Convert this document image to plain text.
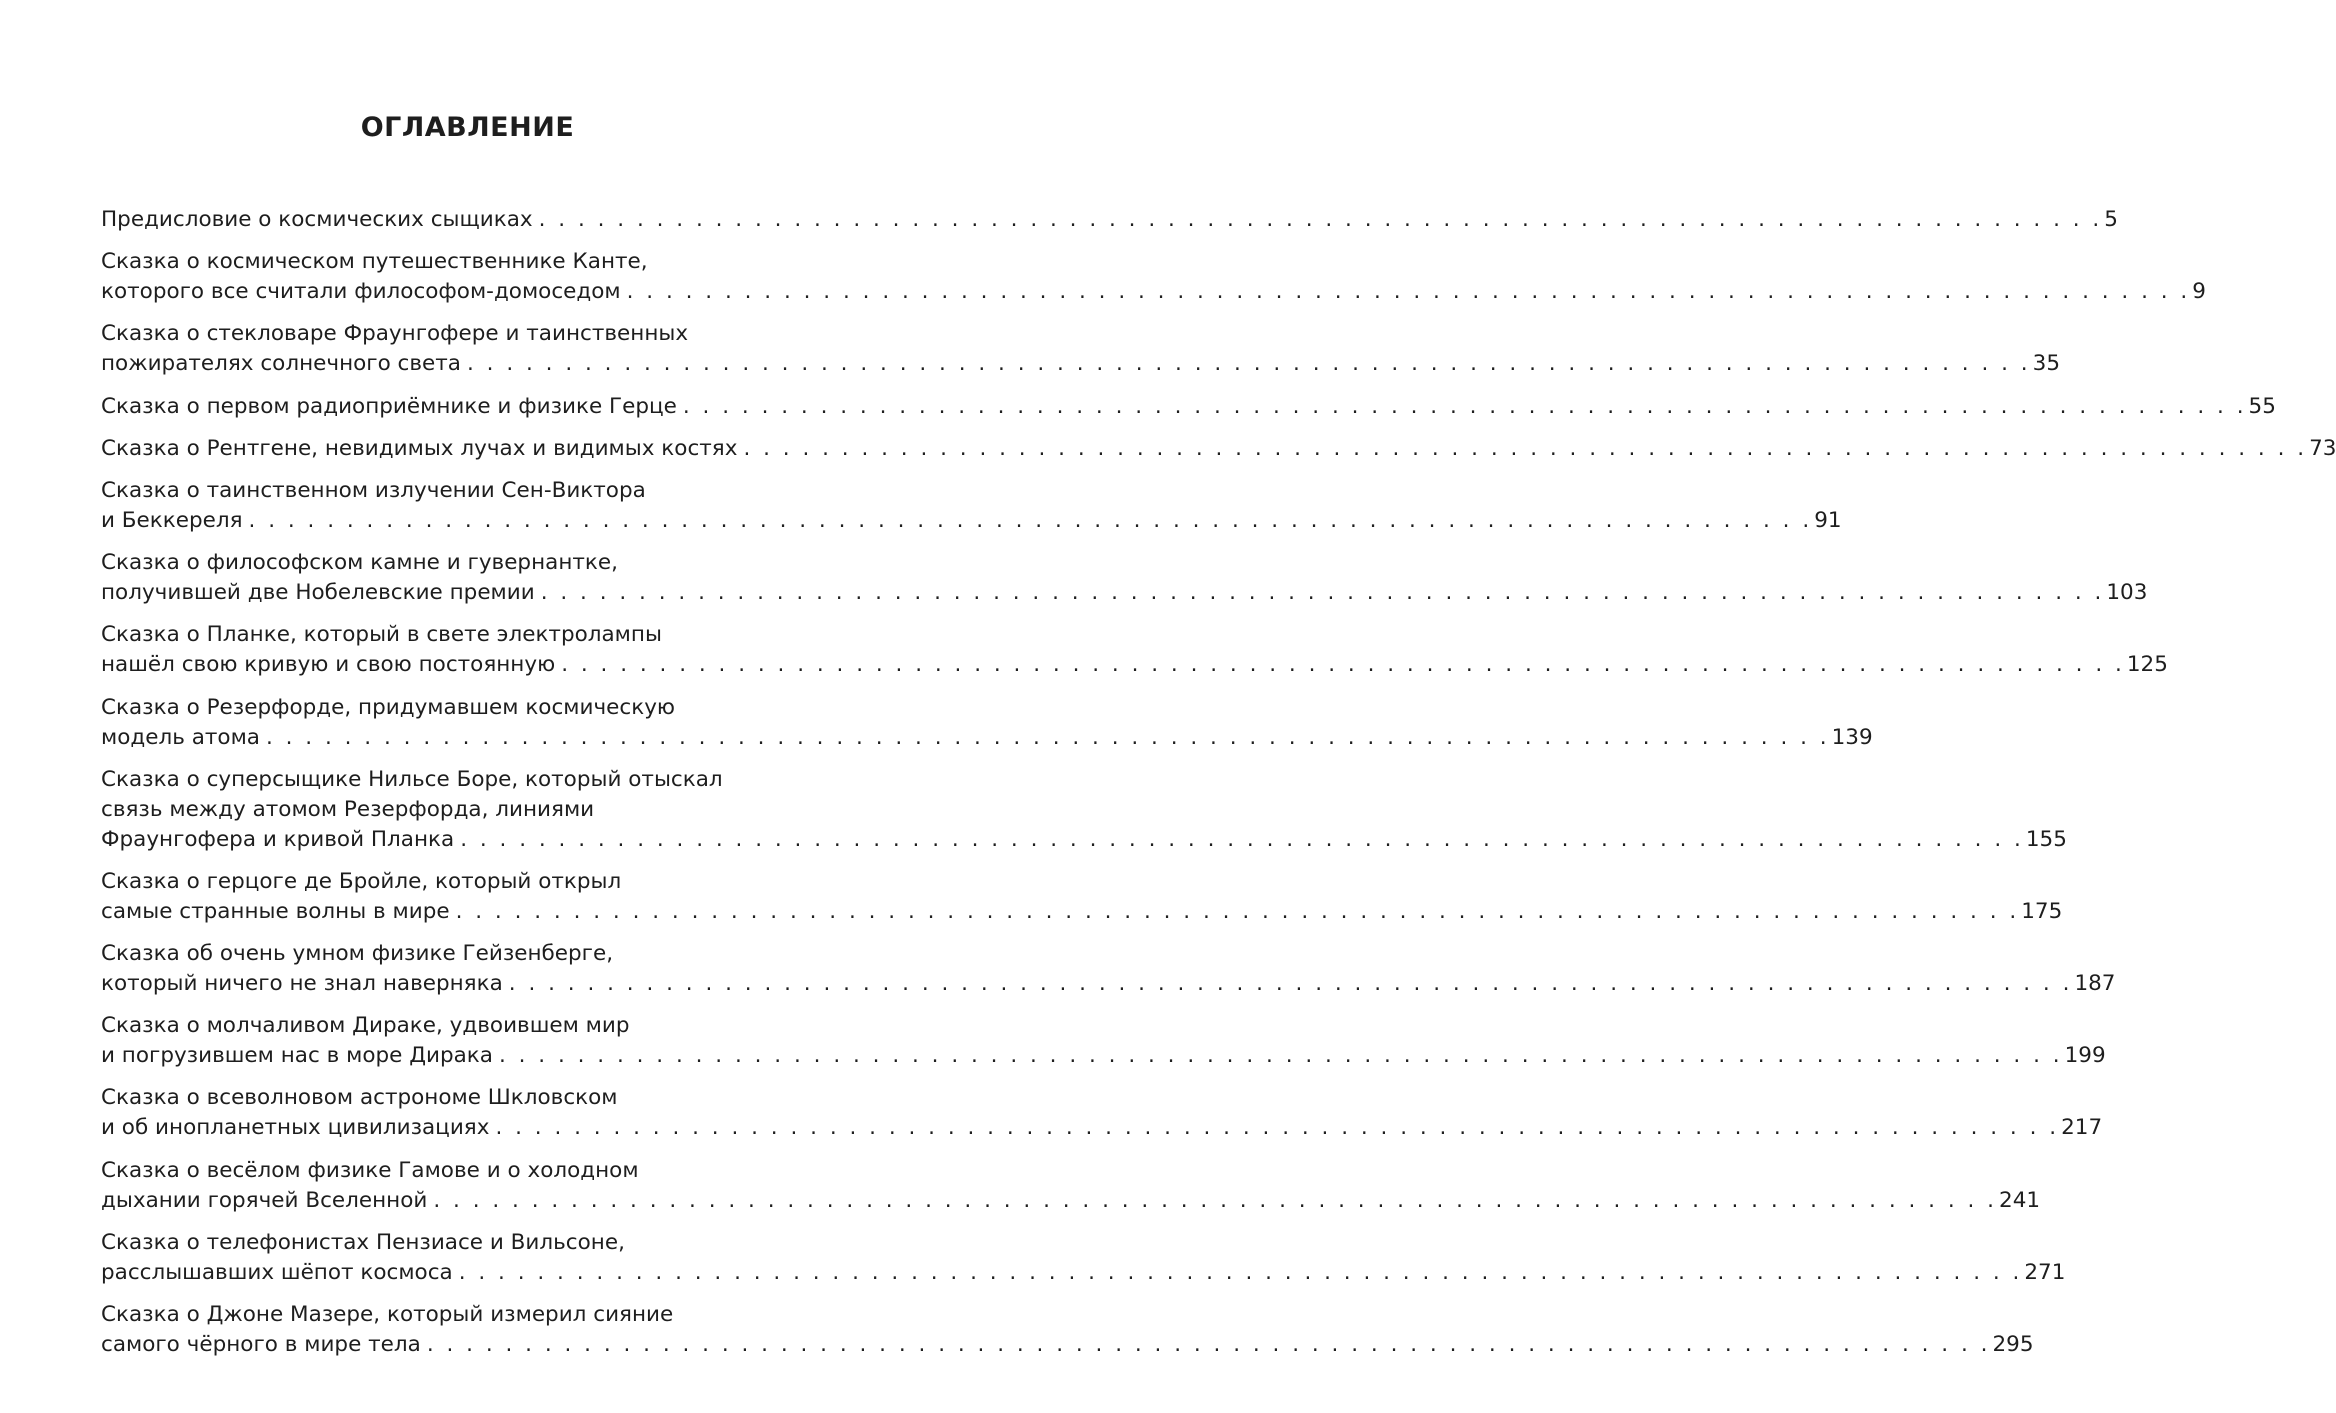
ОГЛАВЛЕНИЕ
Предисловие о космических сыщиках . . . . . . . . . . . . . . . . . . . . . . . . . . . . . . . . . . . . . . . . . . . . . . . . . . . . . . . . . . . . . . . . . . . . . . . . . . . . . . . . 5
Сказка о космическом путешественнике Канте,
которого все считали философом-домоседом . . . . . . . . . . . . . . . . . . . . . . . . . . . . . . . . . . . . . . . . . . . . . . . . . . . . . . . . . . . . . . . . . . . . . . . . . . . . . . . . 9
Сказка о стекловаре Фраунгофере и таинственных
пожирателях солнечного света . . . . . . . . . . . . . . . . . . . . . . . . . . . . . . . . . . . . . . . . . . . . . . . . . . . . . . . . . . . . . . . . . . . . . . . . . . . . . . . . 35
Сказка о первом радиоприёмнике и физике Герце . . . . . . . . . . . . . . . . . . . . . . . . . . . . . . . . . . . . . . . . . . . . . . . . . . . . . . . . . . . . . . . . . . . . . . . . . . . . . . . . 55
Сказка о Рентгене, невидимых лучах и видимых костях . . . . . . . . . . . . . . . . . . . . . . . . . . . . . . . . . . . . . . . . . . . . . . . . . . . . . . . . . . . . . . . . . . . . . . . . . . . . . . . . 73
Сказка о таинственном излучении Сен-Виктора
и Беккереля . . . . . . . . . . . . . . . . . . . . . . . . . . . . . . . . . . . . . . . . . . . . . . . . . . . . . . . . . . . . . . . . . . . . . . . . . . . . . . . . 91
Сказка о философском камне и гувернантке,
получившей две Нобелевские премии . . . . . . . . . . . . . . . . . . . . . . . . . . . . . . . . . . . . . . . . . . . . . . . . . . . . . . . . . . . . . . . . . . . . . . . . . . . . . . . . 103
Сказка о Планке, который в свете электролампы
нашёл свою кривую и свою постоянную . . . . . . . . . . . . . . . . . . . . . . . . . . . . . . . . . . . . . . . . . . . . . . . . . . . . . . . . . . . . . . . . . . . . . . . . . . . . . . . . 125
Сказка о Резерфорде, придумавшем космическую
модель атома . . . . . . . . . . . . . . . . . . . . . . . . . . . . . . . . . . . . . . . . . . . . . . . . . . . . . . . . . . . . . . . . . . . . . . . . . . . . . . . . 139
Сказка о суперсыщике Нильсе Боре, который отыскал
связь между атомом Резерфорда, линиями
Фраунгофера и кривой Планка . . . . . . . . . . . . . . . . . . . . . . . . . . . . . . . . . . . . . . . . . . . . . . . . . . . . . . . . . . . . . . . . . . . . . . . . . . . . . . . . 155
Сказка о герцоге де Бройле, который открыл
самые странные волны в мире . . . . . . . . . . . . . . . . . . . . . . . . . . . . . . . . . . . . . . . . . . . . . . . . . . . . . . . . . . . . . . . . . . . . . . . . . . . . . . . . 175
Сказка об очень умном физике Гейзенберге,
который ничего не знал наверняка . . . . . . . . . . . . . . . . . . . . . . . . . . . . . . . . . . . . . . . . . . . . . . . . . . . . . . . . . . . . . . . . . . . . . . . . . . . . . . . . 187
Сказка о молчаливом Дираке, удвоившем мир
и погрузившем нас в море Дирака . . . . . . . . . . . . . . . . . . . . . . . . . . . . . . . . . . . . . . . . . . . . . . . . . . . . . . . . . . . . . . . . . . . . . . . . . . . . . . . . 199
Сказка о всеволновом астрономе Шкловском
и об инопланетных цивилизациях . . . . . . . . . . . . . . . . . . . . . . . . . . . . . . . . . . . . . . . . . . . . . . . . . . . . . . . . . . . . . . . . . . . . . . . . . . . . . . . . 217
Сказка о весёлом физике Гамове и о холодном
дыхании горячей Вселенной . . . . . . . . . . . . . . . . . . . . . . . . . . . . . . . . . . . . . . . . . . . . . . . . . . . . . . . . . . . . . . . . . . . . . . . . . . . . . . . . 241
Сказка о телефонистах Пензиасе и Вильсоне,
расслышавших шёпот космоса . . . . . . . . . . . . . . . . . . . . . . . . . . . . . . . . . . . . . . . . . . . . . . . . . . . . . . . . . . . . . . . . . . . . . . . . . . . . . . . . 271
Сказка о Джоне Мазере, который измерил сияние
самого чёрного в мире тела . . . . . . . . . . . . . . . . . . . . . . . . . . . . . . . . . . . . . . . . . . . . . . . . . . . . . . . . . . . . . . . . . . . . . . . . . . . . . . . . 295
